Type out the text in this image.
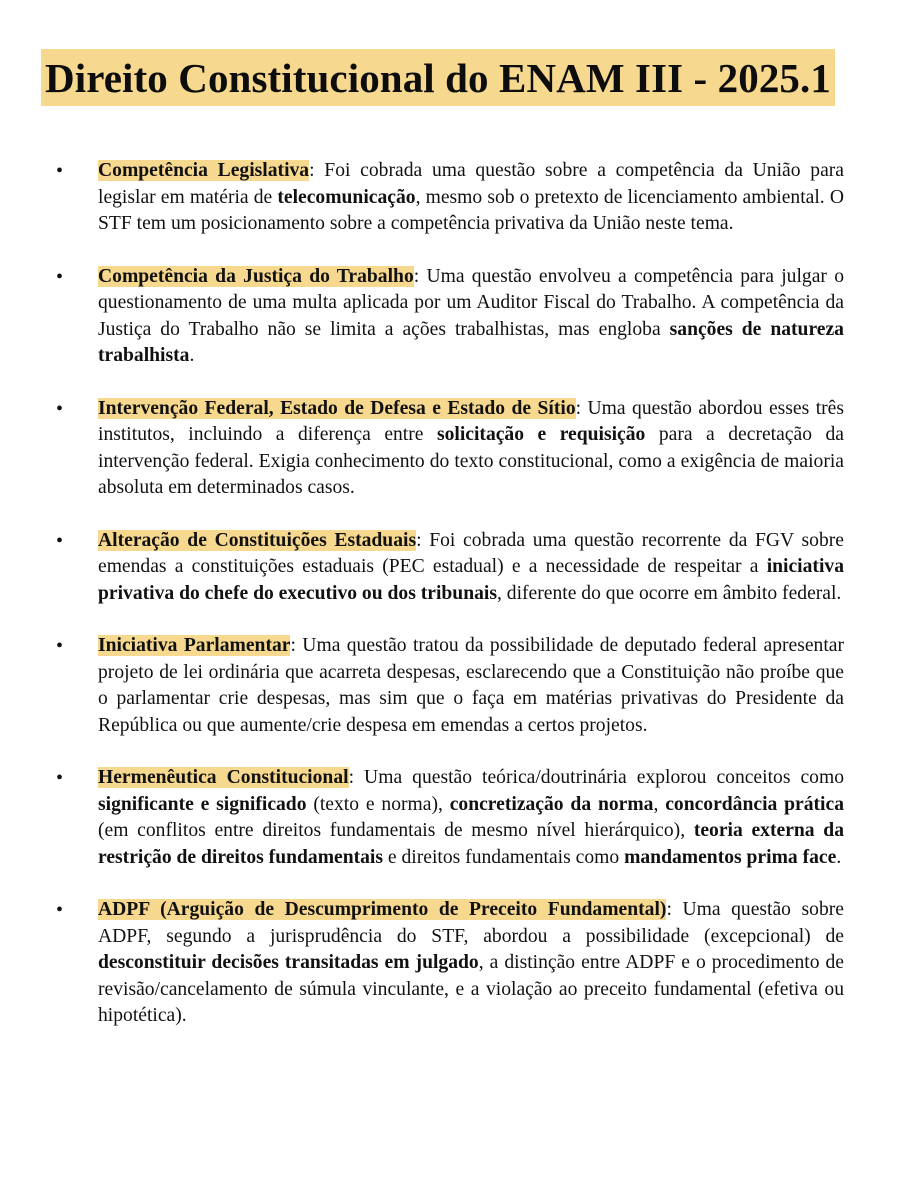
Direito Constitucional do ENAM III - 2025.1
• Competência Legislativa: Foi cobrada uma questão sobre a competência da União para legislar em matéria de telecomunicação, mesmo sob o pretexto de licenciamento ambiental. O STF tem um posicionamento sobre a competência privativa da União neste tema.
• Competência da Justiça do Trabalho: Uma questão envolveu a competência para julgar o questionamento de uma multa aplicada por um Auditor Fiscal do Trabalho. A competência da Justiça do Trabalho não se limita a ações trabalhistas, mas engloba sanções de natureza trabalhista.
• Intervenção Federal, Estado de Defesa e Estado de Sítio: Uma questão abordou esses três institutos, incluindo a diferença entre solicitação e requisição para a decretação da intervenção federal. Exigia conhecimento do texto constitucional, como a exigência de maioria absoluta em determinados casos.
• Alteração de Constituições Estaduais: Foi cobrada uma questão recorrente da FGV sobre emendas a constituições estaduais (PEC estadual) e a necessidade de respeitar a iniciativa privativa do chefe do executivo ou dos tribunais, diferente do que ocorre em âmbito federal.
• Iniciativa Parlamentar: Uma questão tratou da possibilidade de deputado federal apresentar projeto de lei ordinária que acarreta despesas, esclarecendo que a Constituição não proíbe que o parlamentar crie despesas, mas sim que o faça em matérias privativas do Presidente da República ou que aumente/crie despesa em emendas a certos projetos.
• Hermenêutica Constitucional: Uma questão teórica/doutrinária explorou conceitos como significante e significado (texto e norma), concretização da norma, concordância prática (em conflitos entre direitos fundamentais de mesmo nível hierárquico), teoria externa da restrição de direitos fundamentais e direitos fundamentais como mandamentos prima face.
• ADPF (Arguição de Descumprimento de Preceito Fundamental): Uma questão sobre ADPF, segundo a jurisprudência do STF, abordou a possibilidade (excepcional) de desconstituir decisões transitadas em julgado, a distinção entre ADPF e o procedimento de revisão/cancelamento de súmula vinculante, e a violação ao preceito fundamental (efetiva ou hipotética).
